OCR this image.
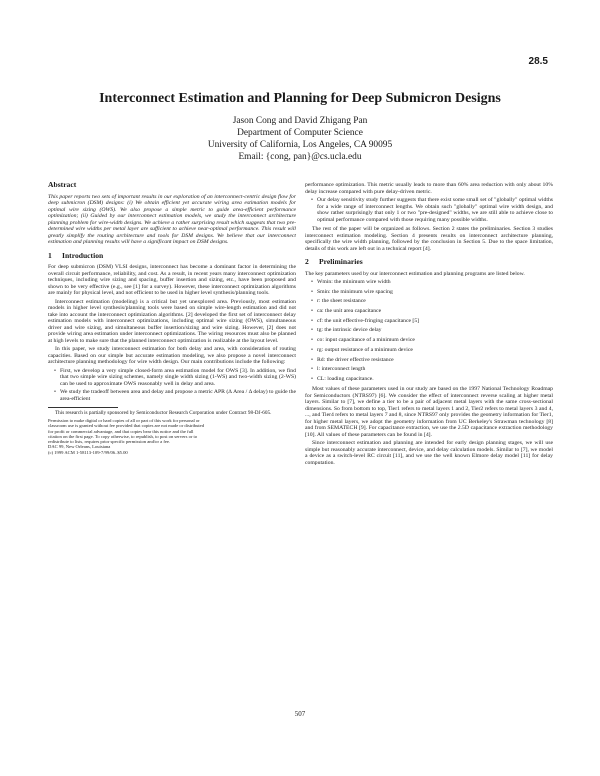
28.5
Interconnect Estimation and Planning for Deep Submicron Designs
Jason Cong and David Zhigang Pan
Department of Computer Science
University of California, Los Angeles, CA 90095
Email: {cong, pan}@cs.ucla.edu
Abstract

This paper reports two sets of important results in our exploration of an interconnect-centric design flow for deep submicron (DSM) designs: (i) We obtain efficient yet accurate wiring area estimation models for optimal wire sizing (OWS). We also propose a simple metric to guide area-efficient performance optimization; (ii) Guided by our interconnect estimation models, we study the interconnect architecture planning problem for wire-width designs. We achieve a rather surprising result which suggests that two pre-determined wire widths per metal layer are sufficient to achieve near-optimal performance. This result will greatly simplify the routing architecture and tools for DSM designs. We believe that our interconnect estimation and planning results will have a significant impact on DSM designs.

1 Introduction

For deep submicron (DSM) VLSI designs, interconnect has become a dominant factor in determining the overall circuit performance, reliability, and cost. As a result, in recent years many interconnect optimization techniques, including wire sizing and spacing, buffer insertion and sizing, etc., have been proposed and shown to be very effective (e.g., see [1] for a survey). However, these interconnect optimization algorithms are mainly for physical level, and not efficient to be used in higher level synthesis/planning tools.

Interconnect estimation (modeling) is a critical but yet unexplored area. Previously, most estimation models in higher level synthesis/planning tools were based on simple wire-length estimation and did not take into account the interconnect optimization algorithms. [2] developed the first set of interconnect delay estimation models with interconnect optimizations, including optimal wire sizing (OWS), simultaneous driver and wire sizing, and simultaneous buffer insertion/sizing and wire sizing. However, [2] does not provide wiring area estimation under interconnect optimizations. The wiring resources must also be planned at high levels to make sure that the planned interconnect optimization is realizable at the layout level.

In this paper, we study interconnect estimation for both delay and area, with consideration of routing capacities. Based on our simple but accurate estimation modeling, we also propose a novel interconnect architecture planning methodology for wire width design. Our main contributions include the following:

• First, we develop a very simple closed-form area estimation model for OWS [3]. In addition, we find that two simple wire sizing schemes, namely single width sizing (1-WS) and two-width sizing (2-WS) can be used to approximate OWS reasonably well in delay and area.
• We study the tradeoff between area and delay and propose a metric APR (Δ Area / Δ delay) to guide the area-efficient

This research is partially sponsored by Semiconductor Research Corporation under Contract 98-DJ-605.

Permission to make digital or hard copies of all or part of this work for personal or
classroom use is granted without fee provided that copies are not made or distributed
for profit or commercial advantage, and that copies bear this notice and the full
citation on the first page. To copy otherwise, to republish, to post on servers or to
redistribute to lists, requires prior specific permission and/or a fee.
DAC 99, New Orleans, Louisiana
(c) 1999 ACM 1-58113-109-7/99/06..$5.00

performance optimization. This metric usually leads to more than 60% area reduction with only about 10% delay increase compared with pure delay-driven metric.

• Our delay sensitivity study further suggests that there exist some small set of "globally" optimal widths for a wide range of interconnect lengths. We obtain such "globally" optimal wire width design, and show rather surprisingly that only 1 or two "pre-designed" widths, we are still able to achieve close to optimal performance compared with those requiring many possible widths.

The rest of the paper will be organized as follows. Section 2 states the preliminaries. Section 3 studies interconnect estimation modeling. Section 4 presents results on interconnect architecture planning, specifically the wire width planning, followed by the conclusion in Section 5. Due to the space limitation, details of this work are left out in a technical report [4].

2 Preliminaries

The key parameters used by our interconnect estimation and planning programs are listed below.

• Wmin: the minimum wire width
• Smin: the minimum wire spacing
• r: the sheet resistance
• ca: the unit area capacitance
• cf: the unit effective-fringing capacitance [5]
• tg: the intrinsic device delay
• co: input capacitance of a minimum device
• rg: output resistance of a minimum device
• Rd: the driver effective resistance
• l: interconnect length
• CL: loading capacitance.

Most values of these parameters used in our study are based on the 1997 National Technology Roadmap for Semiconductors (NTRS97) [6]. We consider the effect of interconnect reverse scaling at higher metal layers. Similar to [7], we define a tier to be a pair of adjacent metal layers with the same cross-sectional dimensions. So from bottom to top, Tier1 refers to metal layers 1 and 2, Tier2 refers to metal layers 3 and 4, ..., and Tier4 refers to metal layers 7 and 8, since NTRS97 only provides the geometry information for Tier1, for higher metal layers, we adopt the geometry information from UC Berkeley's Strawman technology [8] and from SEMATECH [9]. For capacitance extraction, we use the 2.5D capacitance extraction methodology [10]. All values of these parameters can be found in [4].

Since interconnect estimation and planning are intended for early design planning stages, we will use simple but reasonably accurate interconnect, device, and delay calculation models. Similar to [7], we model a device as a switch-level RC circuit [11], and we use the well known Elmore delay model [11] for delay computation.

507
